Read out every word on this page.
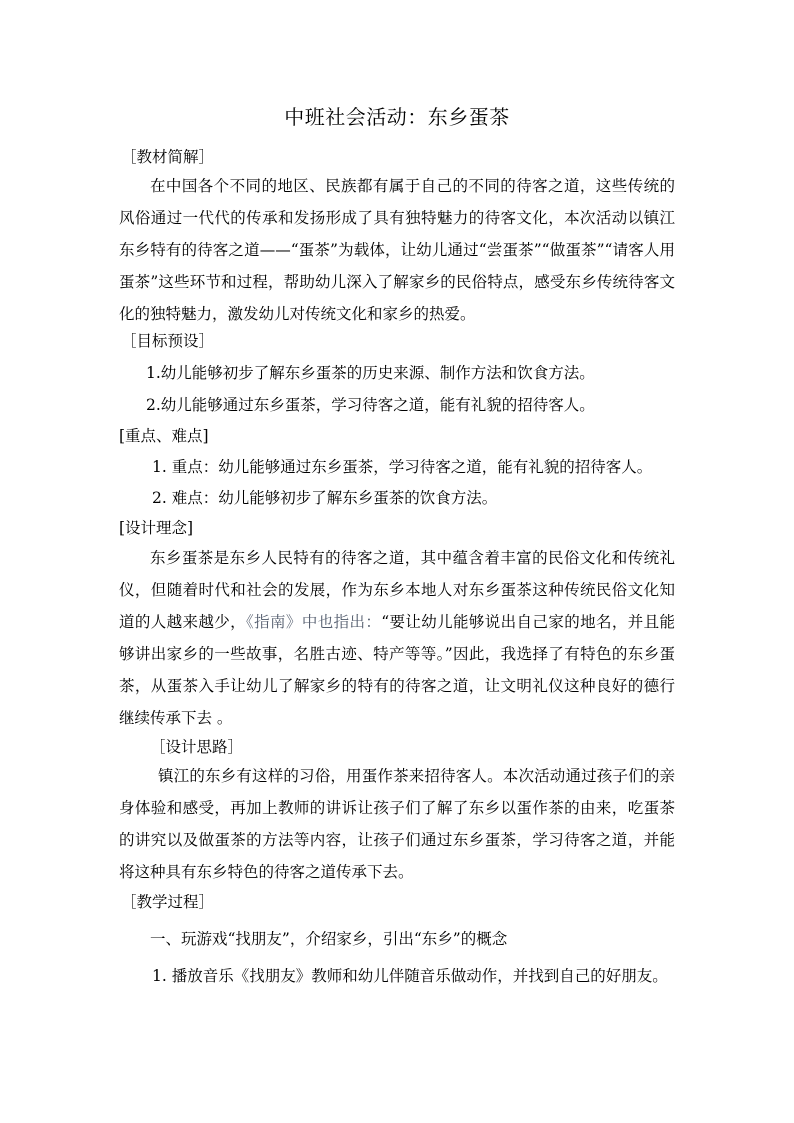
中班社会活动：东乡蛋茶
［教材简解］
在中国各个不同的地区、民族都有属于自己的不同的待客之道，这些传统的风俗通过一代代的传承和发扬形成了具有独特魅力的待客文化，本次活动以镇江东乡特有的待客之道——“蛋茶”为载体，让幼儿通过“尝蛋茶”“做蛋茶”“请客人用蛋茶”这些环节和过程，帮助幼儿深入了解家乡的民俗特点，感受东乡传统待客文化的独特魅力，激发幼儿对传统文化和家乡的热爱。
［目标预设］
1.幼儿能够初步了解东乡蛋茶的历史来源、制作方法和饮食方法。
2.幼儿能够通过东乡蛋茶，学习待客之道，能有礼貌的招待客人。
[重点、难点]
1. 重点：幼儿能够通过东乡蛋茶，学习待客之道，能有礼貌的招待客人。
2. 难点：幼儿能够初步了解东乡蛋茶的饮食方法。
[设计理念]
东乡蛋茶是东乡人民特有的待客之道，其中蕴含着丰富的民俗文化和传统礼仪，但随着时代和社会的发展，作为东乡本地人对东乡蛋茶这种传统民俗文化知道的人越来越少，《指南》中也指出：“要让幼儿能够说出自己家的地名，并且能够讲出家乡的一些故事，名胜古迹、特产等等。”因此，我选择了有特色的东乡蛋茶，从蛋茶入手让幼儿了解家乡的特有的待客之道，让文明礼仪这种良好的德行继续传承下去 。
［设计思路］
镇江的东乡有这样的习俗，用蛋作茶来招待客人。本次活动通过孩子们的亲身体验和感受，再加上教师的讲诉让孩子们了解了东乡以蛋作茶的由来，吃蛋茶的讲究以及做蛋茶的方法等内容，让孩子们通过东乡蛋茶，学习待客之道，并能将这种具有东乡特色的待客之道传承下去。
［教学过程］
一、玩游戏“找朋友”，介绍家乡，引出“东乡”的概念
1. 播放音乐《找朋友》教师和幼儿伴随音乐做动作，并找到自己的好朋友。
